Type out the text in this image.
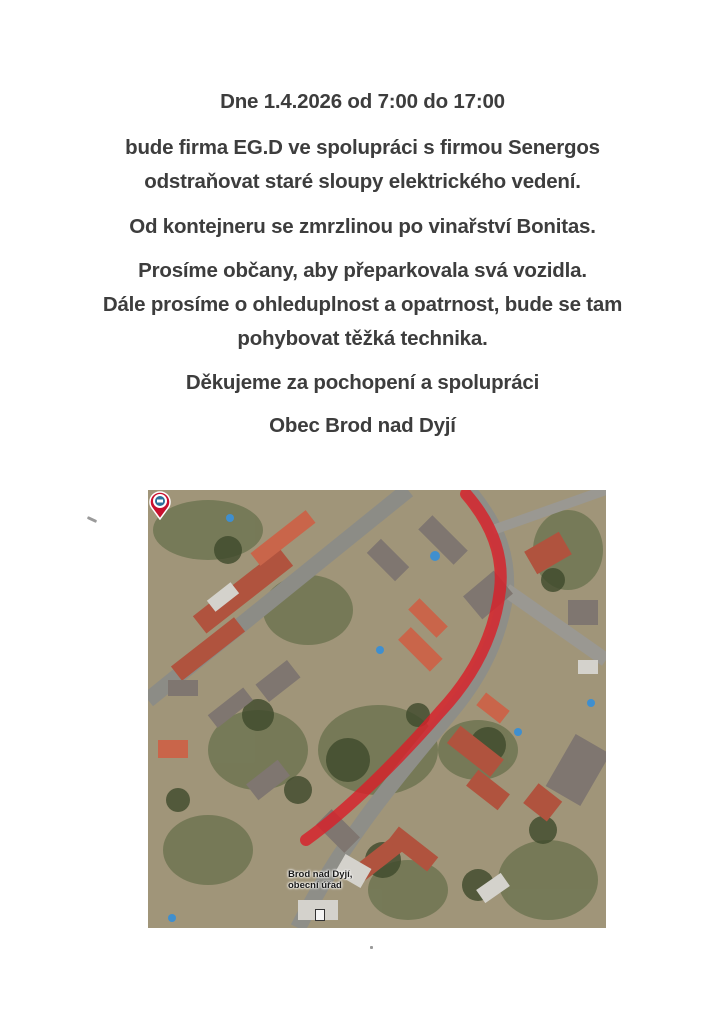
Dne 1.4.2026 od 7:00 do 17:00
bude firma EG.D ve spolupráci s firmou Senergos
odstraňovat staré sloupy elektrického vedení.
Od kontejneru se zmrzlinou po vinařství Bonitas.
Prosíme občany, aby přeparkovala svá vozidla.
Dále prosíme o ohleduplnost a opatrnost, bude se tam
pohybovat těžká technika.
Děkujeme za pochopení a spolupráci
Obec Brod nad Dyjí
Brod nad Dyjí,
obecní úřad
